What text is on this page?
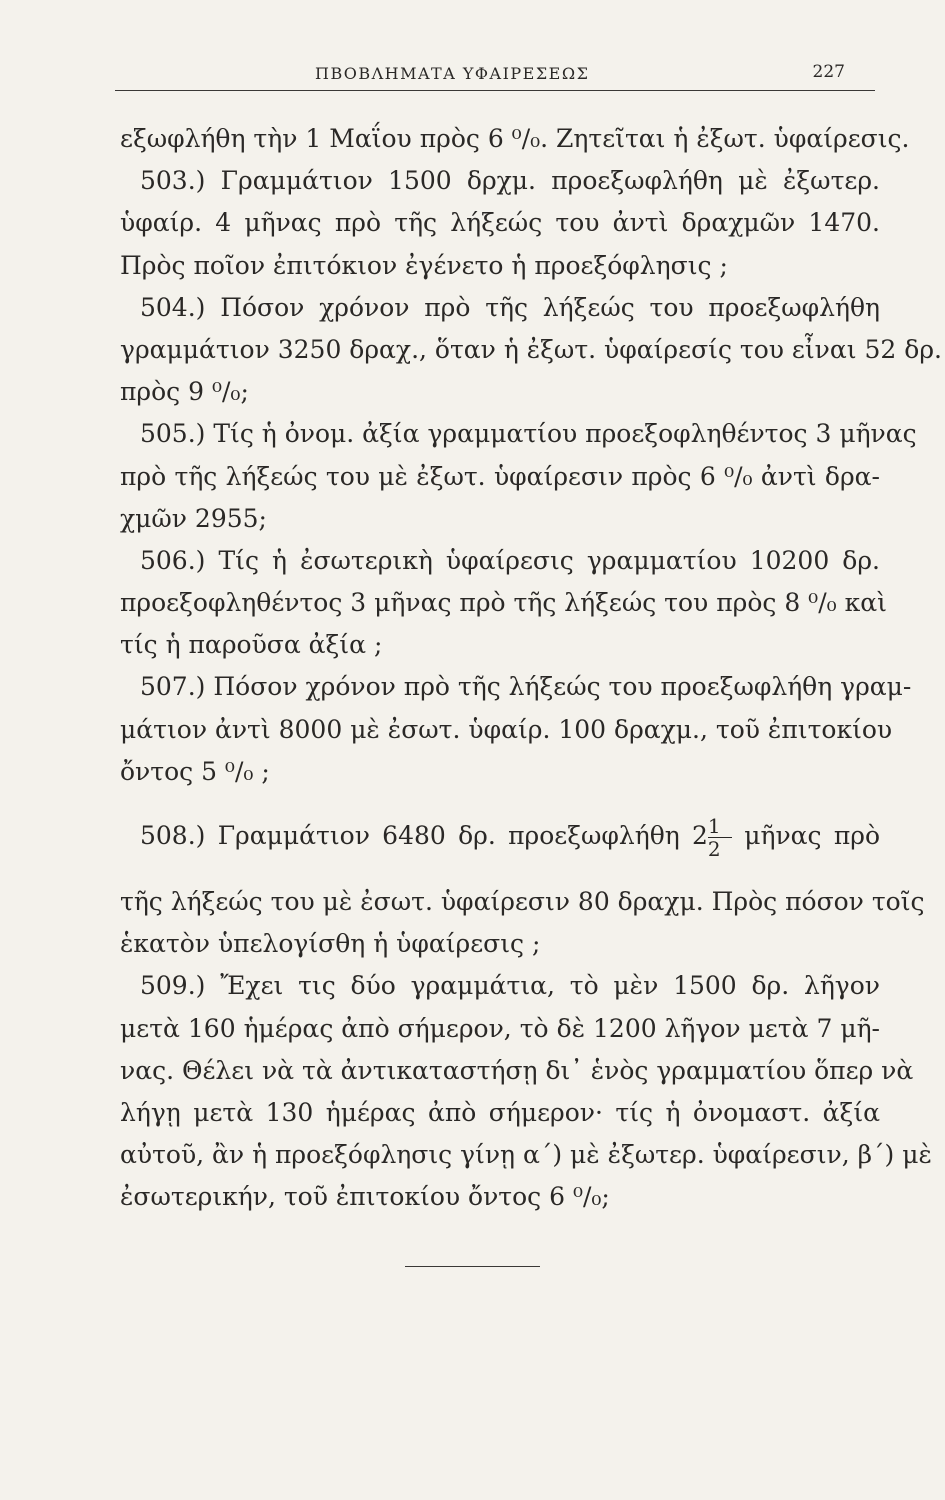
ΠΒΟΒΛΗΜΑΤΑ ΥΦΑΙΡΕΣΕΩΣ	227
εξωφλήθη τὴν 1 Μαΐου πρὸς 6 ⁰/₀. Ζητεῖται ἡ ἐξωτ. ὑφαίρεσις.
503.) Γραμμάτιον 1500 δρχμ. προεξωφλήθη μὲ ἐξωτερ.
ὑφαίρ. 4 μῆνας πρὸ τῆς λήξεώς του ἀντὶ δραχμῶν 1470.
Πρὸς ποῖον ἐπιτόκιον ἐγένετο ἡ προεξόφλησις ;
504.) Πόσον χρόνον πρὸ τῆς λήξεώς του προεξωφλήθη
γραμμάτιον 3250 δραχ., ὅταν ἡ ἐξωτ. ὑφαίρεσίς του εἶναι 52 δρ.
πρὸς 9 ⁰/₀;
505.) Τίς ἡ ὀνομ. ἀξία γραμματίου προεξοφληθέντος 3 μῆνας
πρὸ τῆς λήξεώς του μὲ ἐξωτ. ὑφαίρεσιν πρὸς 6 ⁰/₀ ἀντὶ δρα-
χμῶν 2955;
506.) Τίς ἡ ἐσωτερικὴ ὑφαίρεσις γραμματίου 10200 δρ.
προεξοφληθέντος 3 μῆνας πρὸ τῆς λήξεώς του πρὸς 8 ⁰/₀ καὶ
τίς ἡ παροῦσα ἀξία ;
507.) Πόσον χρόνον πρὸ τῆς λήξεώς του προεξωφλήθη γραμ-
μάτιον ἀντὶ 8000 μὲ ἐσωτ. ὑφαίρ. 100 δραχμ., τοῦ ἐπιτοκίου
ὄντος 5 ⁰/₀ ;
508.) Γραμμάτιον 6480 δρ. προεξωφλήθη $2 \frac{1}{2}$ μῆνας πρὸ
τῆς λήξεώς του μὲ ἐσωτ. ὑφαίρεσιν 80 δραχμ. Πρὸς πόσον τοῖς
ἑκατὸν ὑπελογίσθη ἡ ὑφαίρεσις ;
509.) Ἔχει τις δύο γραμμάτια, τὸ μὲν 1500 δρ. λῆγον
μετὰ 160 ἡμέρας ἀπὸ σήμερον, τὸ δὲ 1200 λῆγον μετὰ 7 μῆ-
νας. Θέλει νὰ τὰ ἀντικαταστήσῃ δι᾽ ἑνὸς γραμματίου ὅπερ νὰ
λήγῃ μετὰ 130 ἡμέρας ἀπὸ σήμερον· τίς ἡ ὀνομαστ. ἀξία
αὐτοῦ, ἂν ἡ προεξόφλησις γίνῃ α΄) μὲ ἐξωτερ. ὑφαίρεσιν, β΄) μὲ
ἐσωτερικήν, τοῦ ἐπιτοκίου ὄντος 6 ⁰/₀;
